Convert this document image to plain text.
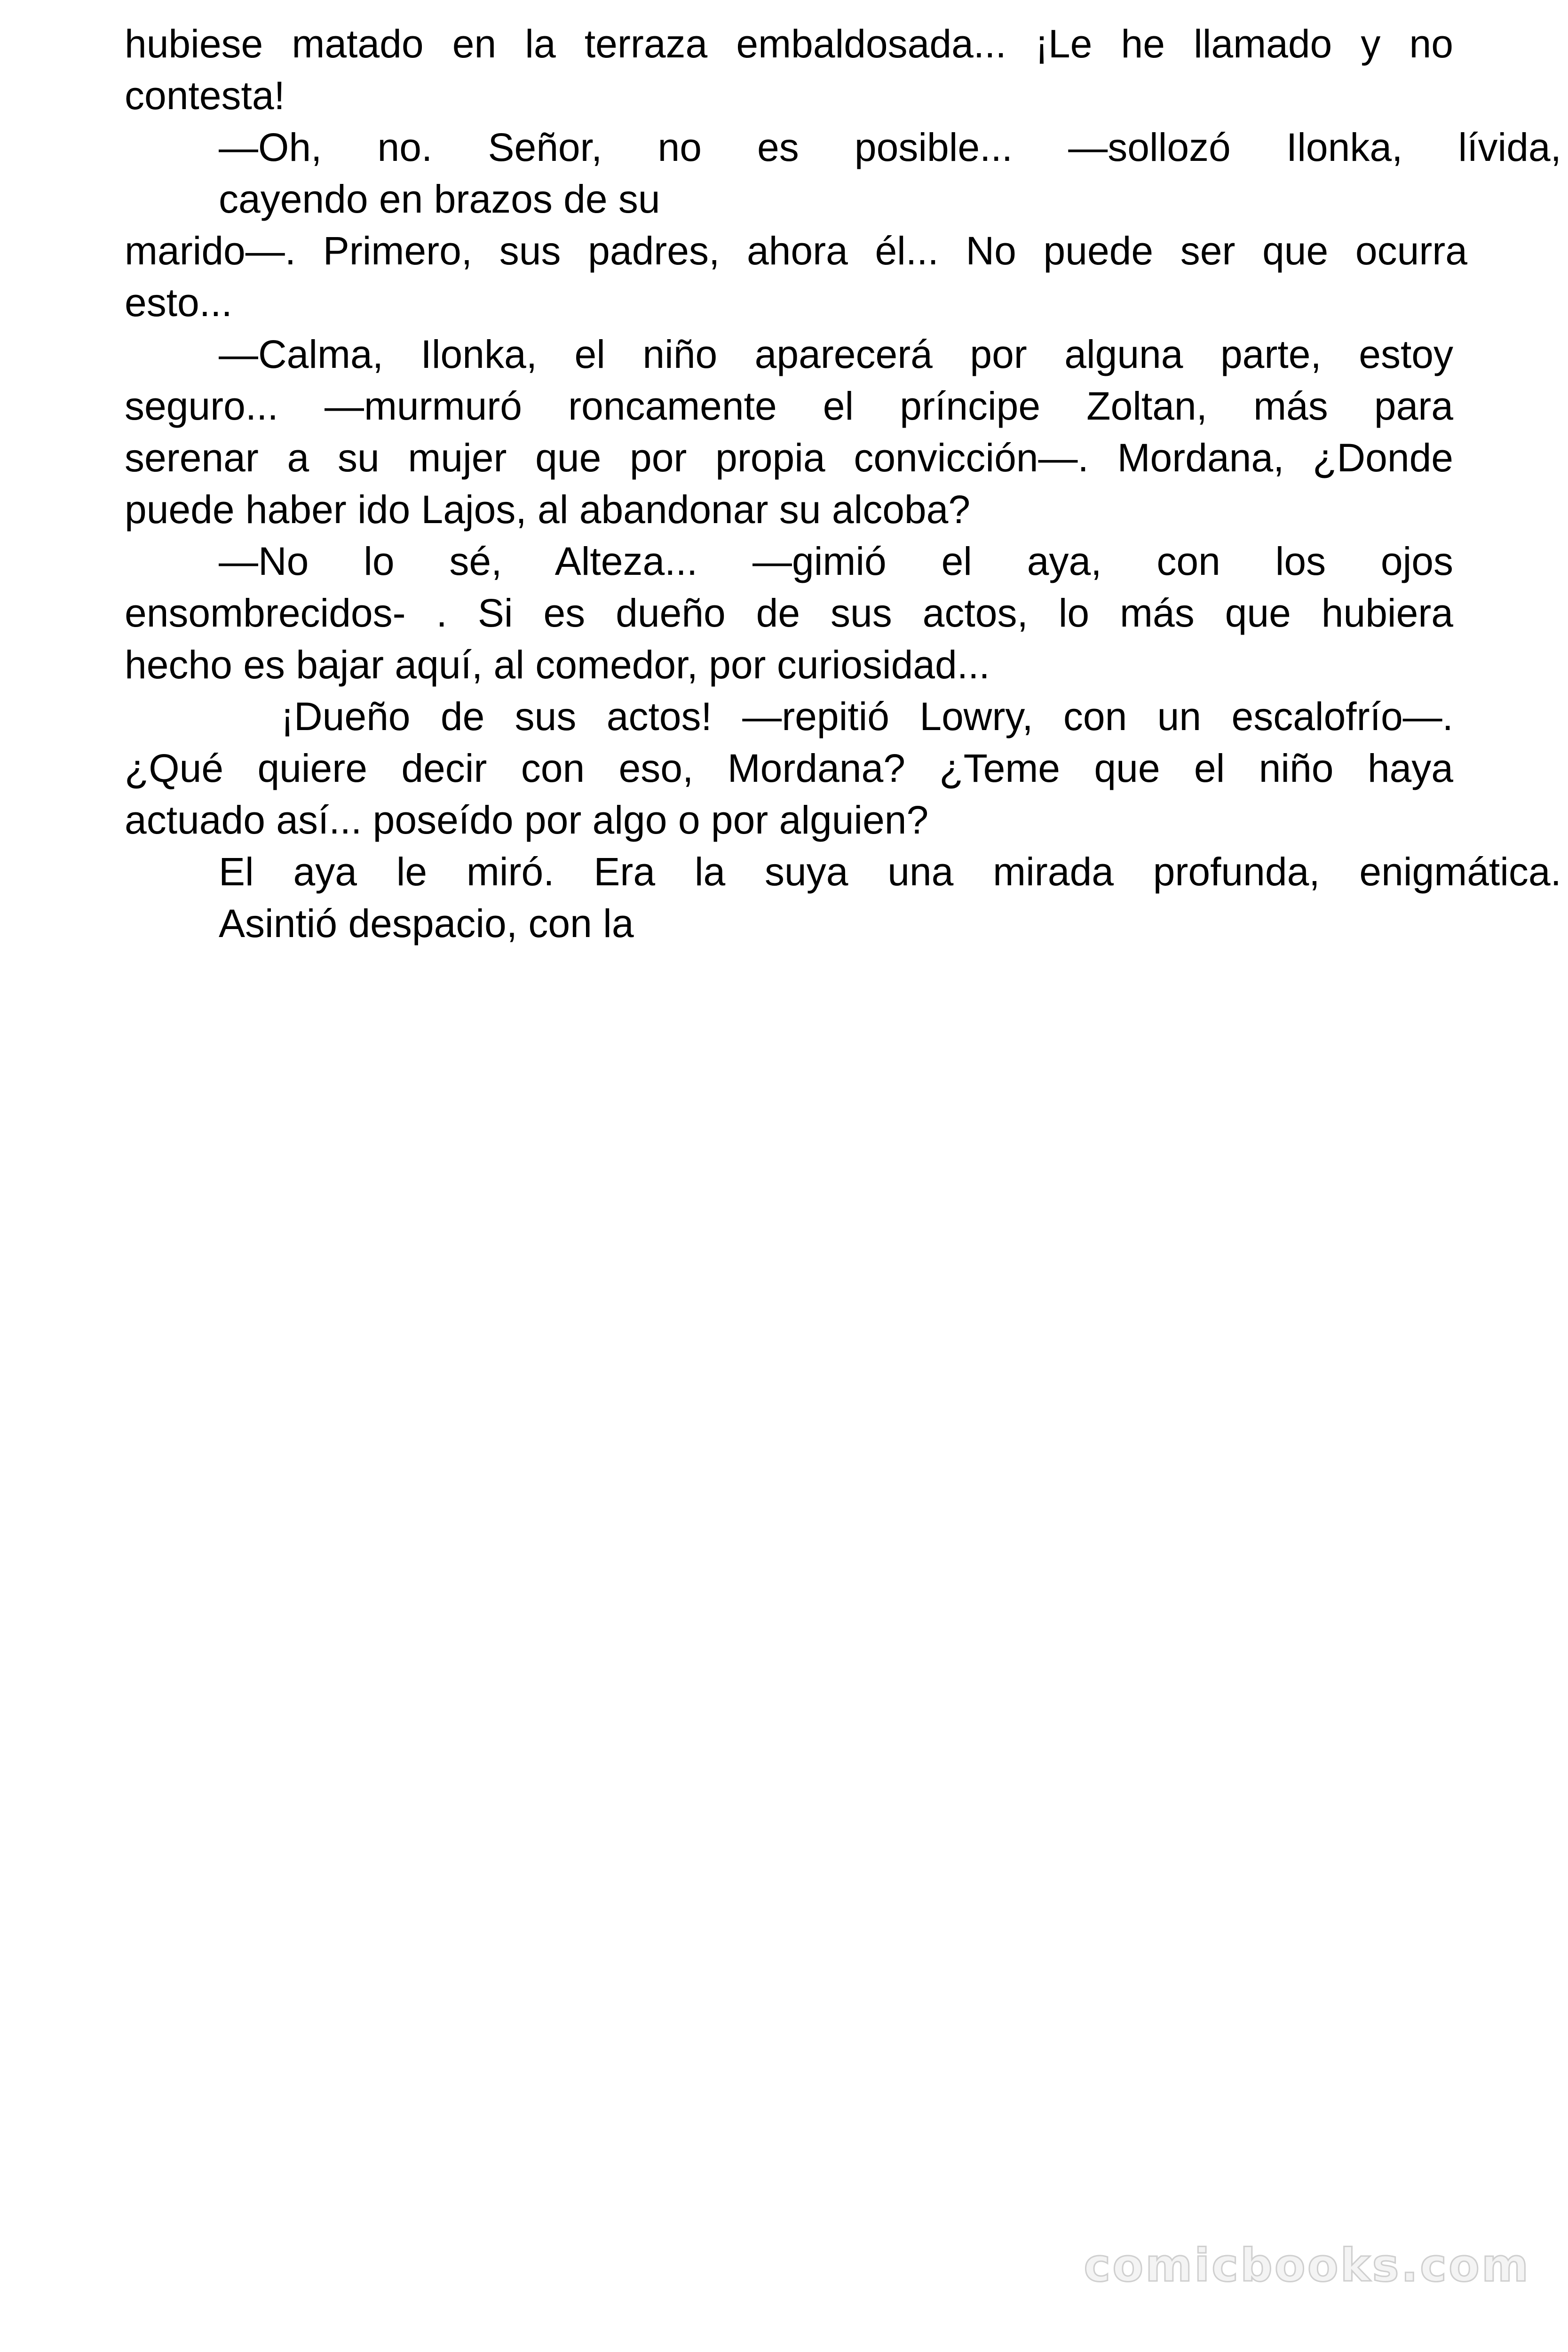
hubiese matado en la terraza embaldosada... ¡Le he llamado y no
contesta!
—Oh, no. Señor, no es posible... —sollozó Ilonka, lívida,
cayendo en brazos de su
marido—. Primero, sus padres, ahora él... No puede ser que ocurra
esto...
—Calma, Ilonka, el niño aparecerá por alguna parte, estoy
seguro... —murmuró roncamente el príncipe Zoltan, más para
serenar a su mujer que por propia convicción—. Mordana, ¿Donde
puede haber ido Lajos, al abandonar su alcoba?
—No lo sé, Alteza... —gimió el aya, con los ojos
ensombrecidos- . Si es dueño de sus actos, lo más que hubiera
hecho es bajar aquí, al comedor, por curiosidad...
¡Dueño de sus actos! —repitió Lowry, con un escalofrío—.
¿Qué quiere decir con eso, Mordana? ¿Teme que el niño haya
actuado así... poseído por algo o por alguien?
El aya le miró. Era la suya una mirada profunda, enigmática.
Asintió despacio, con la
comicbooks.com
